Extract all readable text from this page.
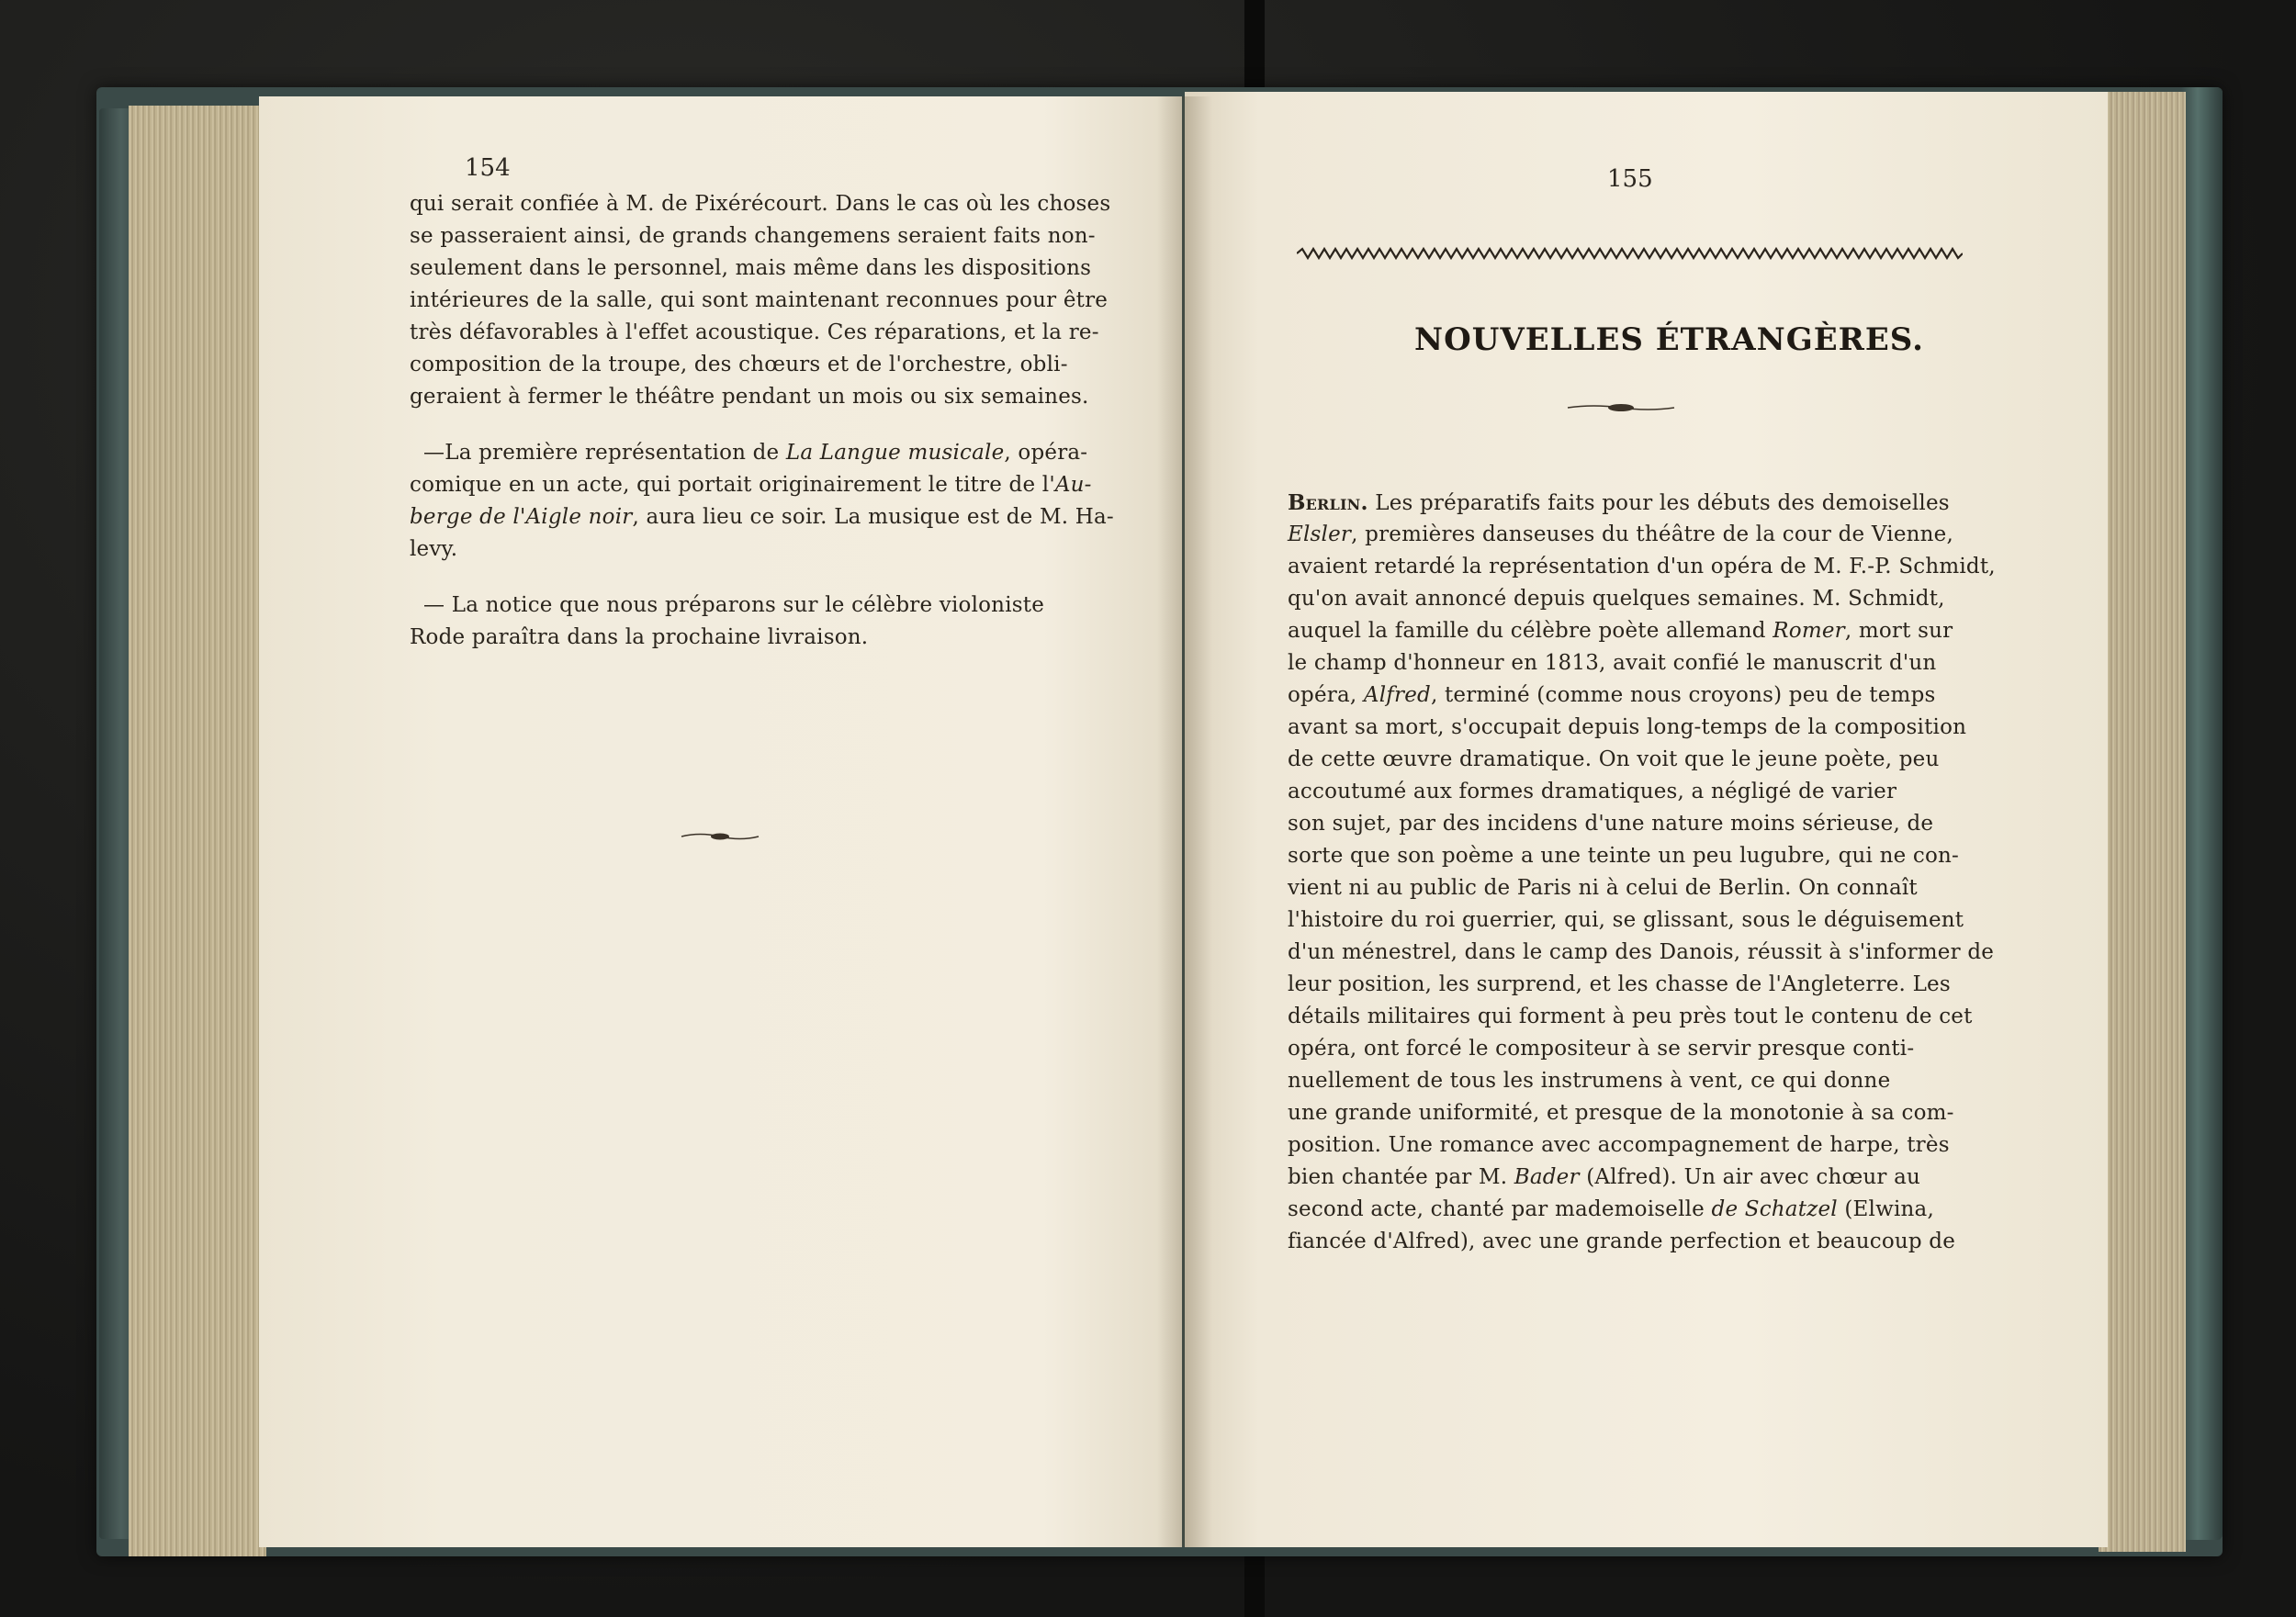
154
qui serait confiée à M. de Pixérécourt. Dans le cas où les choses
se passeraient ainsi, de grands changemens seraient faits non-
seulement dans le personnel, mais même dans les dispositions
intérieures de la salle, qui sont maintenant reconnues pour être
très défavorables à l'effet acoustique. Ces réparations, et la re-
composition de la troupe, des chœurs et de l'orchestre, obli-
geraient à fermer le théâtre pendant un mois ou six semaines.
—La première représentation de La Langue musicale, opéra-
comique en un acte, qui portait originairement le titre de l'Au-
berge de l'Aigle noir, aura lieu ce soir. La musique est de M. Ha-
levy.
— La notice que nous préparons sur le célèbre violoniste
Rode paraîtra dans la prochaine livraison.
155
NOUVELLES ÉTRANGÈRES.
Berlin. Les préparatifs faits pour les débuts des demoiselles
Elsler, premières danseuses du théâtre de la cour de Vienne,
avaient retardé la représentation d'un opéra de M. F.-P. Schmidt,
qu'on avait annoncé depuis quelques semaines. M. Schmidt,
auquel la famille du célèbre poète allemand Romer, mort sur
le champ d'honneur en 1813, avait confié le manuscrit d'un
opéra, Alfred, terminé (comme nous croyons) peu de temps
avant sa mort, s'occupait depuis long-temps de la composition
de cette œuvre dramatique. On voit que le jeune poète, peu
accoutumé aux formes dramatiques, a négligé de varier
son sujet, par des incidens d'une nature moins sérieuse, de
sorte que son poème a une teinte un peu lugubre, qui ne con-
vient ni au public de Paris ni à celui de Berlin. On connaît
l'histoire du roi guerrier, qui, se glissant, sous le déguisement
d'un ménestrel, dans le camp des Danois, réussit à s'informer de
leur position, les surprend, et les chasse de l'Angleterre. Les
détails militaires qui forment à peu près tout le contenu de cet
opéra, ont forcé le compositeur à se servir presque conti-
nuellement de tous les instrumens à vent, ce qui donne
une grande uniformité, et presque de la monotonie à sa com-
position. Une romance avec accompagnement de harpe, très
bien chantée par M. Bader (Alfred). Un air avec chœur au
second acte, chanté par mademoiselle de Schatzel (Elwina,
fiancée d'Alfred), avec une grande perfection et beaucoup de
